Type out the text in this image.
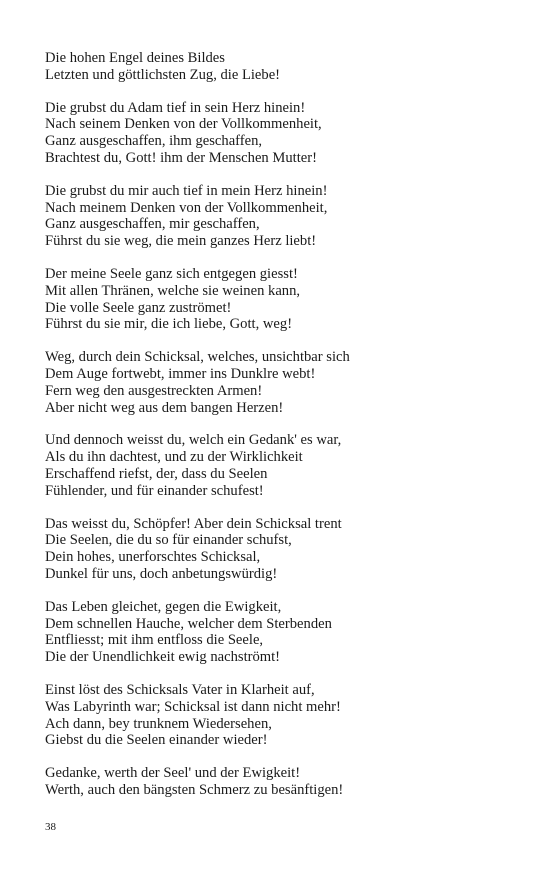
Die hohen Engel deines Bildes
Letzten und göttlichsten Zug, die Liebe!
Die grubst du Adam tief in sein Herz hinein!
Nach seinem Denken von der Vollkommenheit,
Ganz ausgeschaffen, ihm geschaffen,
Brachtest du, Gott! ihm der Menschen Mutter!
Die grubst du mir auch tief in mein Herz hinein!
Nach meinem Denken von der Vollkommenheit,
Ganz ausgeschaffen, mir geschaffen,
Führst du sie weg, die mein ganzes Herz liebt!
Der meine Seele ganz sich entgegen giesst!
Mit allen Thränen, welche sie weinen kann,
Die volle Seele ganz zuströmet!
Führst du sie mir, die ich liebe, Gott, weg!
Weg, durch dein Schicksal, welches, unsichtbar sich
Dem Auge fortwebt, immer ins Dunklre webt!
Fern weg den ausgestreckten Armen!
Aber nicht weg aus dem bangen Herzen!
Und dennoch weisst du, welch ein Gedank' es war,
Als du ihn dachtest, und zu der Wirklichkeit
Erschaffend riefst, der, dass du Seelen
Fühlender, und für einander schufest!
Das weisst du, Schöpfer! Aber dein Schicksal trent
Die Seelen, die du so für einander schufst,
Dein hohes, unerforschtes Schicksal,
Dunkel für uns, doch anbetungswürdig!
Das Leben gleichet, gegen die Ewigkeit,
Dem schnellen Hauche, welcher dem Sterbenden
Entfliesst; mit ihm entfloss die Seele,
Die der Unendlichkeit ewig nachströmt!
Einst löst des Schicksals Vater in Klarheit auf,
Was Labyrinth war; Schicksal ist dann nicht mehr!
Ach dann, bey trunknem Wiedersehen,
Giebst du die Seelen einander wieder!
Gedanke, werth der Seel' und der Ewigkeit!
Werth, auch den bängsten Schmerz zu besänftigen!
38
